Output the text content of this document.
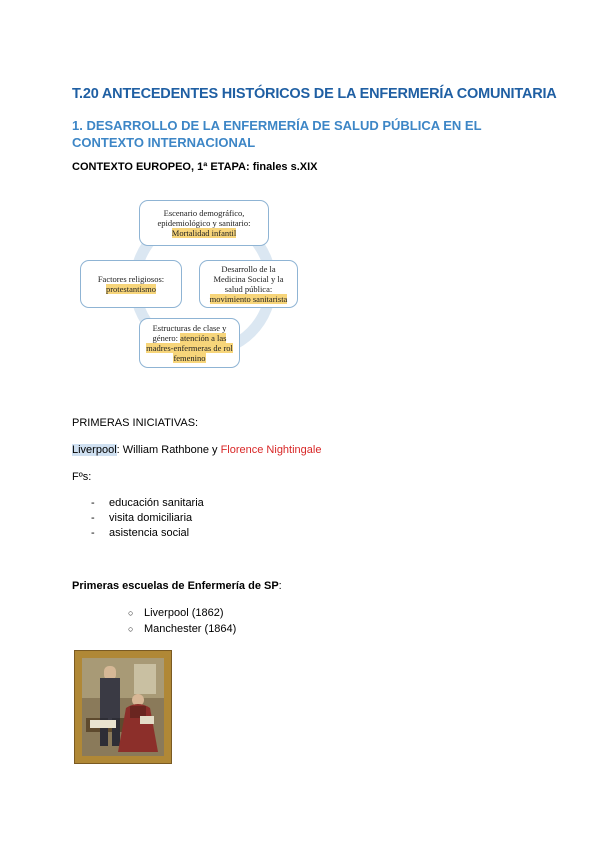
T.20 ANTECEDENTES HISTÓRICOS DE LA ENFERMERÍA COMUNITARIA
1. DESARROLLO DE LA ENFERMERÍA DE SALUD PÚBLICA EN EL CONTEXTO INTERNACIONAL
CONTEXTO EUROPEO, 1ª ETAPA: finales s.XIX
Escenario demográfico, epidemiológico y sanitario: Mortalidad infantil
Desarrollo de la Medicina Social y la salud pública: movimiento sanitarista
Estructuras de clase y género: atención a las madres-enfermeras de rol femenino
Factores religiosos: protestantismo
PRIMERAS INICIATIVAS:
Liverpool: William Rathbone y Florence Nightingale
Fºs:
- educación sanitaria
- visita domiciliaria
- asistencia social
Primeras escuelas de Enfermería de SP:
○ Liverpool (1862)
○ Manchester (1864)
